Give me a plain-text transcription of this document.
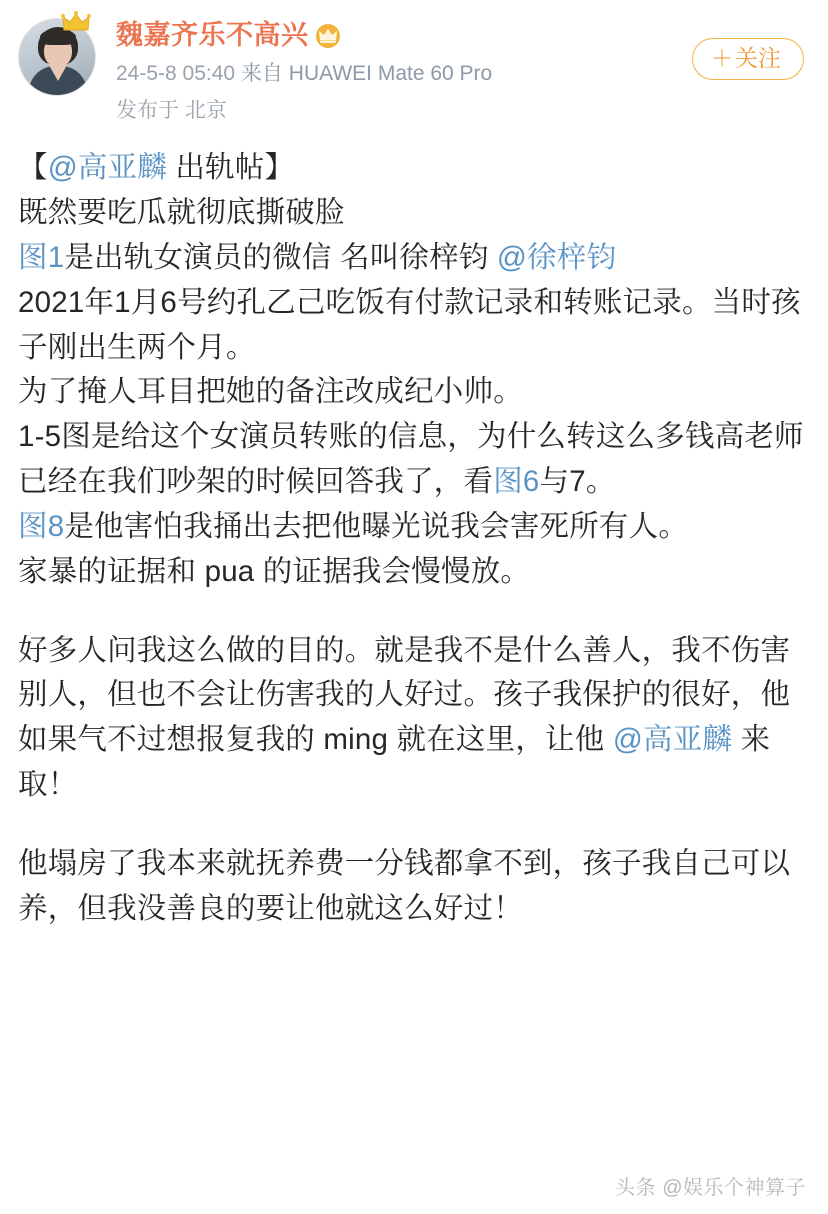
魏嘉齐乐不高兴
24-5-8 05:40 来自 HUAWEI Mate 60 Pro
发布于 北京
＋关注

【@高亚麟 出轨帖】

既然要吃瓜就彻底撕破脸

图1是出轨女演员的微信 名叫徐梓钧 @徐梓钧

2021年1月6号约孔乙己吃饭有付款记录和转账记录。当时孩子刚出生两个月。

为了掩人耳目把她的备注改成纪小帅。

1-5图是给这个女演员转账的信息，为什么转这么多钱高老师已经在我们吵架的时候回答我了，看图6与7。

图8是他害怕我捅出去把他曝光说我会害死所有人。

家暴的证据和 pua 的证据我会慢慢放。

好多人问我这么做的目的。就是我不是什么善人，我不伤害别人，但也不会让伤害我的人好过。孩子我保护的很好，他如果气不过想报复我的 ming 就在这里，让他 @高亚麟 来取！

他塌房了我本来就抚养费一分钱都拿不到，孩子我自己可以养，但我没善良的要让他就这么好过！

头条 @娱乐个神算子
